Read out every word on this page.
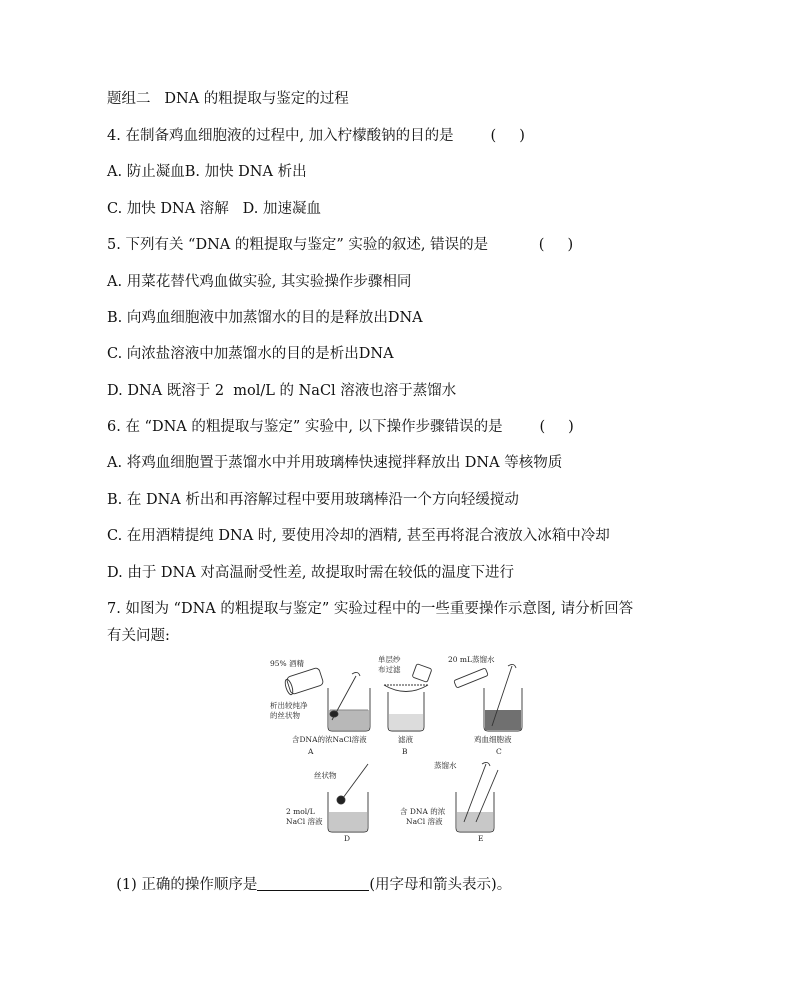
题组二   DNA 的粗提取与鉴定的过程
4. 在制备鸡血细胞液的过程中, 加入柠檬酸钠的目的是        (     )
A. 防止凝血B. 加快 DNA 析出
C. 加快 DNA 溶解   D. 加速凝血
5. 下列有关 “DNA 的粗提取与鉴定” 实验的叙述, 错误的是           (     )
A. 用菜花替代鸡血做实验, 其实验操作步骤相同
B. 向鸡血细胞液中加蒸馏水的目的是释放出DNA
C. 向浓盐溶液中加蒸馏水的目的是析出DNA
D. DNA 既溶于 2  mol/L 的 NaCl 溶液也溶于蒸馏水
6. 在 “DNA 的粗提取与鉴定” 实验中, 以下操作步骤错误的是        (     )
A. 将鸡血细胞置于蒸馏水中并用玻璃棒快速搅拌释放出 DNA 等核物质
B. 在 DNA 析出和再溶解过程中要用玻璃棒沿一个方向轻缓搅动
C. 在用酒精提纯 DNA 时, 要使用冷却的酒精, 甚至再将混合液放入冰箱中冷却
D. 由于 DNA 对高温耐受性差, 故提取时需在较低的温度下进行
7. 如图为 “DNA 的粗提取与鉴定” 实验过程中的一些重要操作示意图, 请分析回答
有关问题:
95% 酒精
析出较纯净
的丝状物
含DNA的浓NaCl溶液
A
单层纱
布过滤
滤液
B
20 mL蒸馏水
鸡血细胞液
C
丝状物
2 mol/L
NaCl 溶液
D
蒸馏水
含 DNA 的浓
NaCl 溶液
E

(1) 正确的操作顺序是	(用字母和箭头表示)。
